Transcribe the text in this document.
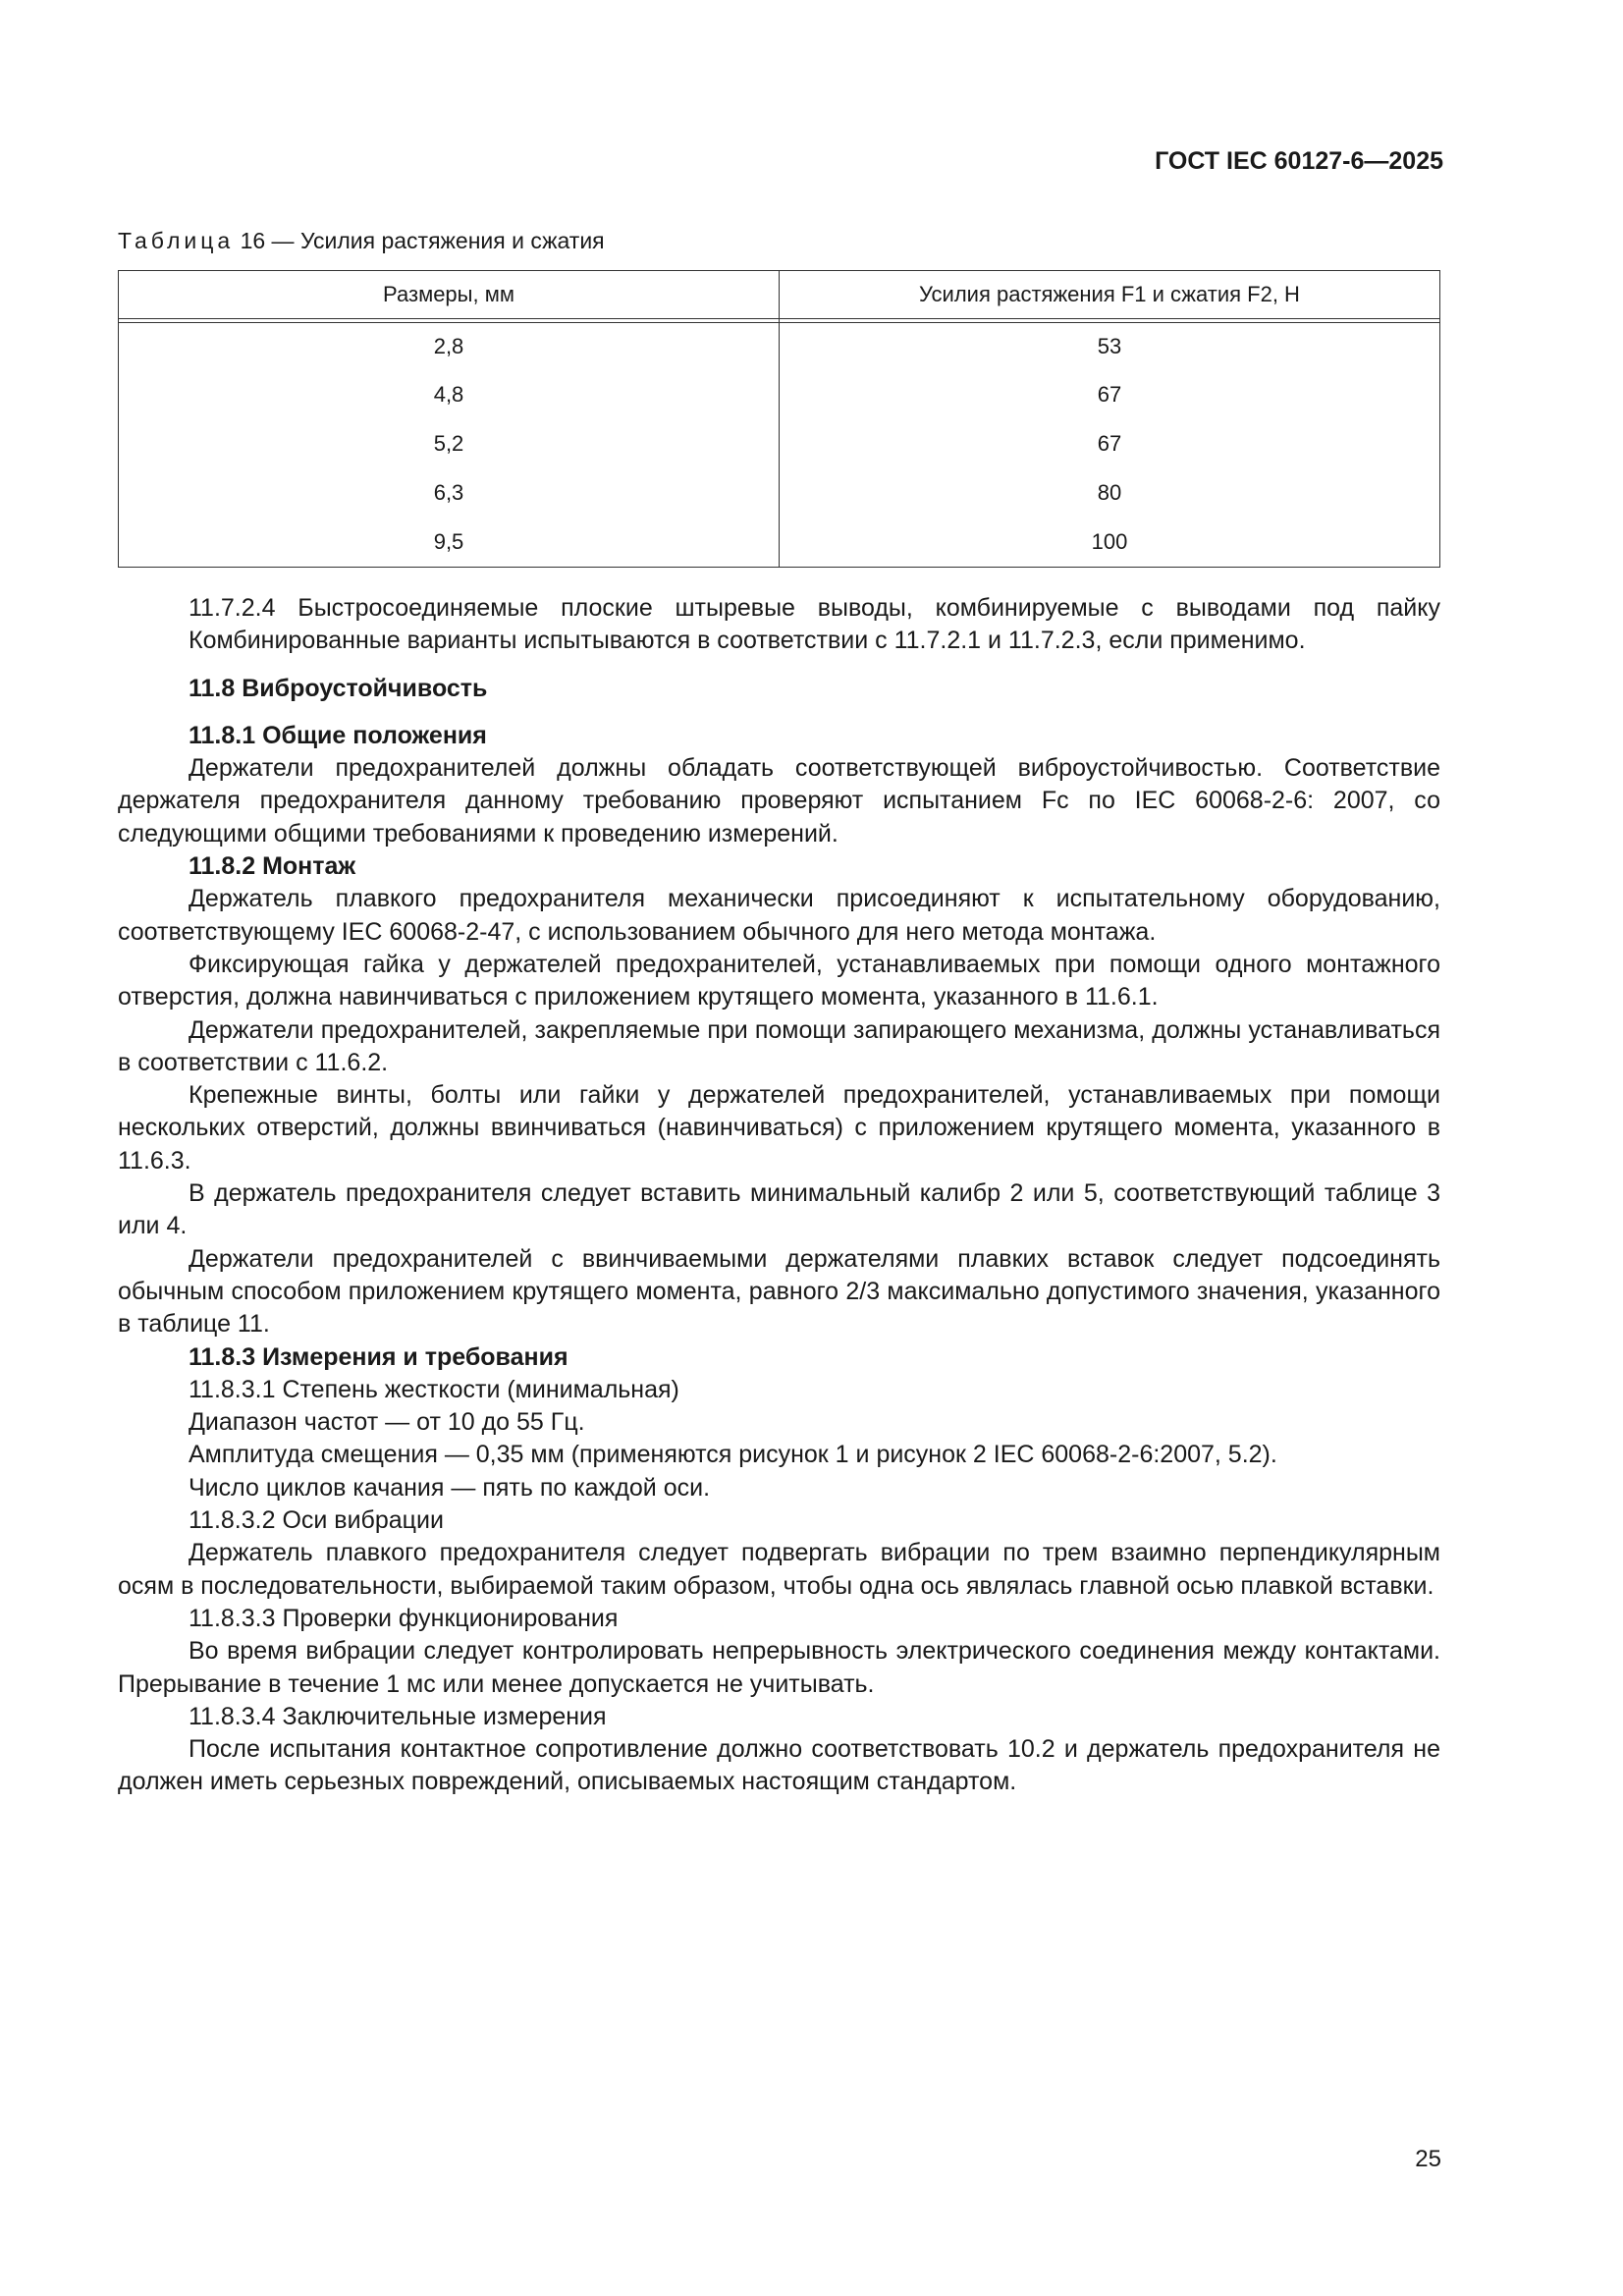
ГОСТ IEC 60127-6—2025
Таблица 16 — Усилия растяжения и сжатия
Размеры, мм	Усилия растяжения F1 и сжатия F2, Н

2,8	53
4,8	67
5,2	67
6,3	80
9,5	100

11.7.2.4 Быстросоединяемые плоские штыревые выводы, комбинируемые с выводами под пайку

Комбинированные варианты испытываются в соответствии с 11.7.2.1 и 11.7.2.3, если применимо.

11.8 Виброустойчивость
11.8.1 Общие положения

Держатели предохранителей должны обладать соответствующей виброустойчивостью. Соответствие держателя предохранителя данному требованию проверяют испытанием Fc по IEC 60068-2-6: 2007, со следующими общими требованиями к проведению измерений.

11.8.2 Монтаж

Держатель плавкого предохранителя механически присоединяют к испытательному оборудованию, соответствующему IEC 60068-2-47, с использованием обычного для него метода монтажа.

Фиксирующая гайка у держателей предохранителей, устанавливаемых при помощи одного монтажного отверстия, должна навинчиваться с приложением крутящего момента, указанного в 11.6.1.

Держатели предохранителей, закрепляемые при помощи запирающего механизма, должны устанавливаться в соответствии с 11.6.2.

Крепежные винты, болты или гайки у держателей предохранителей, устанавливаемых при помощи нескольких отверстий, должны ввинчиваться (навинчиваться) с приложением крутящего момента, указанного в 11.6.3.

В держатель предохранителя следует вставить минимальный калибр 2 или 5, соответствующий таблице 3 или 4.

Держатели предохранителей с ввинчиваемыми держателями плавких вставок следует подсоединять обычным способом приложением крутящего момента, равного 2/3 максимально допустимого значения, указанного в таблице 11.

11.8.3 Измерения и требования

11.8.3.1 Степень жесткости (минимальная)

Диапазон частот — от 10 до 55 Гц.

Амплитуда смещения — 0,35 мм (применяются рисунок 1 и рисунок 2 IEC 60068-2-6:2007, 5.2).

Число циклов качания — пять по каждой оси.

11.8.3.2 Оси вибрации

Держатель плавкого предохранителя следует подвергать вибрации по трем взаимно перпендикулярным осям в последовательности, выбираемой таким образом, чтобы одна ось являлась главной осью плавкой вставки.

11.8.3.3 Проверки функционирования

Во время вибрации следует контролировать непрерывность электрического соединения между контактами. Прерывание в течение 1 мс или менее допускается не учитывать.

11.8.3.4 Заключительные измерения

После испытания контактное сопротивление должно соответствовать 10.2 и держатель предохранителя не должен иметь серьезных повреждений, описываемых настоящим стандартом.

25
